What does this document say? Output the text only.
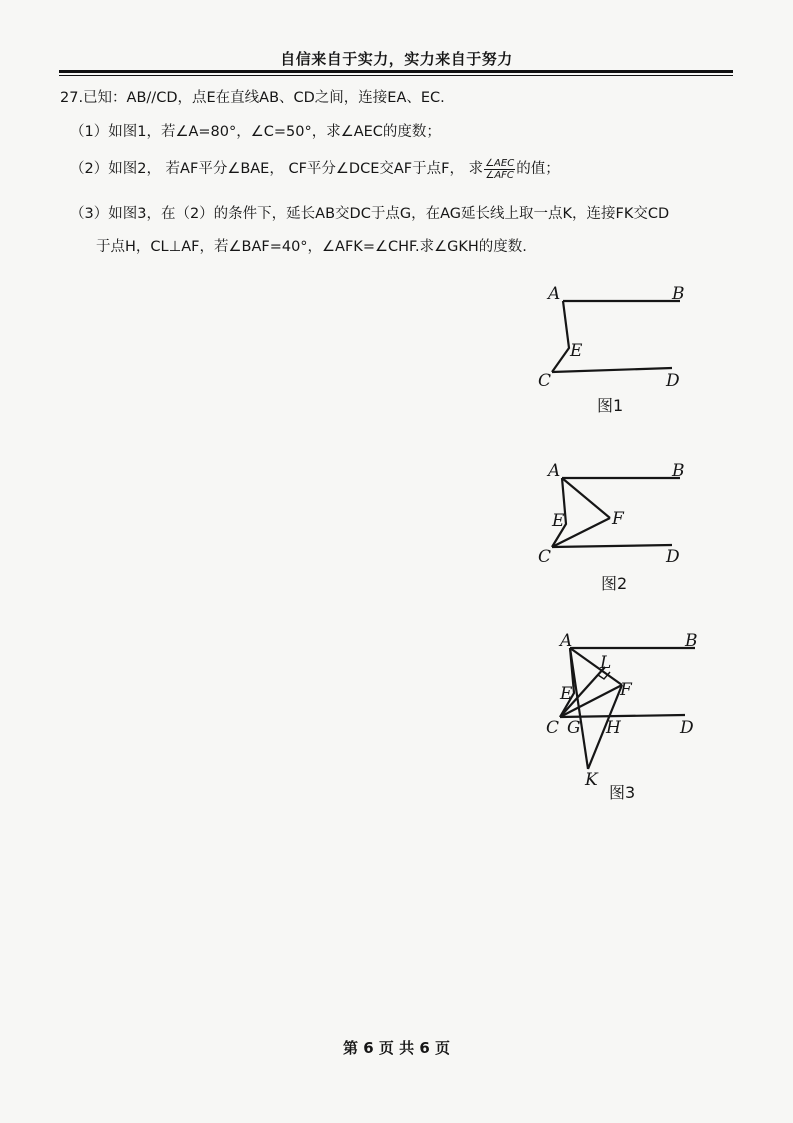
自信来自于实力，实力来自于努力
27.已知：AB//CD，点E在直线AB、CD之间，连接EA、EC.
（1）如图1，若∠A=80°，∠C=50°，求∠AEC的度数；
（2）如图2， 若AF平分∠BAE， CF平分∠DCE交AF于点F， 求 $\frac{\text{∠AEC}}{\text{∠AFC}}$ 的值；
（3）如图3，在（2）的条件下，延长AB交DC于点G，在AG延长线上取一点K，连接FK交CD
于点H，CL⊥AF，若∠BAF=40°，∠AFK=∠CHF.求∠GKH的度数.
A	B
E
C	D
图1
A	B
E	F
C	D
图2
A	B
L
E	F
C G H	D
K
图3
第 6 页 共 6 页
